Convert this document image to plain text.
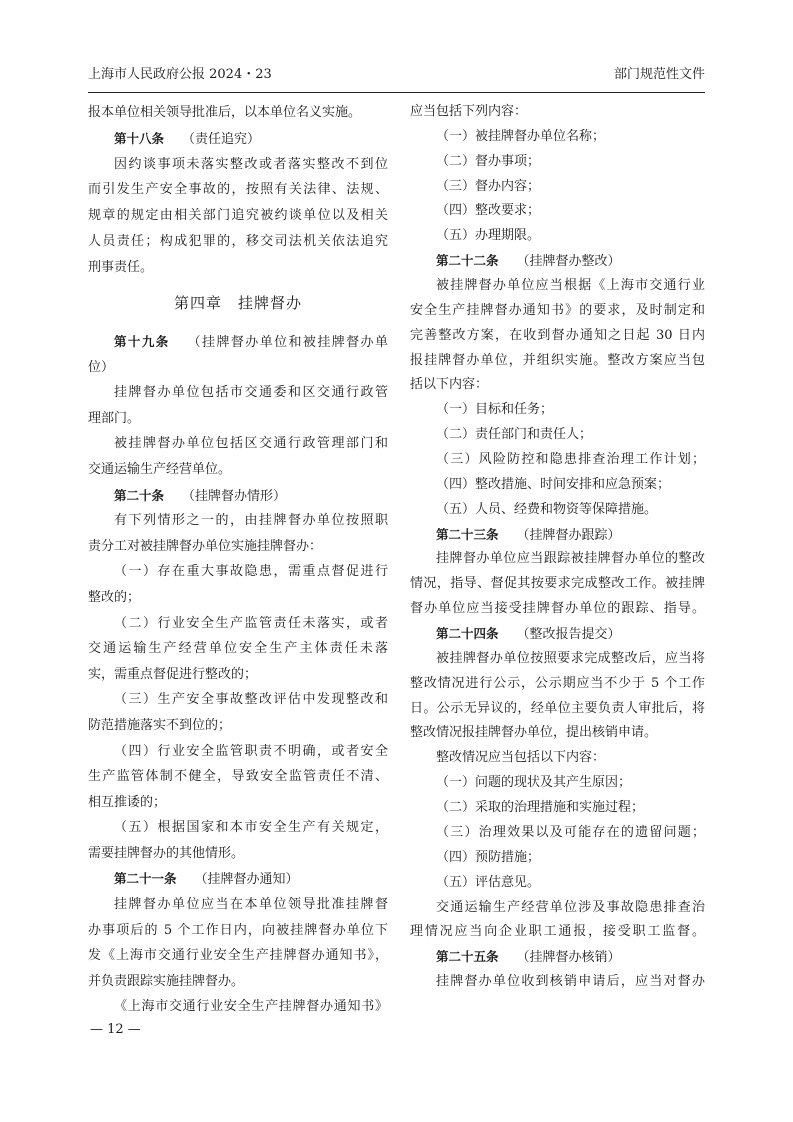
上海市人民政府公报 2024・23	部门规范性文件
报本单位相关领导批准后，以本单位名义实施。
第十八条 （责任追究）
因约谈事项未落实整改或者落实整改不到位
而引发生产安全事故的，按照有关法律、法规、
规章的规定由相关部门追究被约谈单位以及相关
人员责任；构成犯罪的，移交司法机关依法追究
刑事责任。
第四章　挂牌督办
第十九条 （挂牌督办单位和被挂牌督办单
位）
挂牌督办单位包括市交通委和区交通行政管
理部门。
被挂牌督办单位包括区交通行政管理部门和
交通运输生产经营单位。
第二十条 （挂牌督办情形）
有下列情形之一的，由挂牌督办单位按照职
责分工对被挂牌督办单位实施挂牌督办：
（一）存在重大事故隐患，需重点督促进行
整改的；
（二）行业安全生产监管责任未落实，或者
交通运输生产经营单位安全生产主体责任未落
实，需重点督促进行整改的；
（三）生产安全事故整改评估中发现整改和
防范措施落实不到位的；
（四）行业安全监管职责不明确，或者安全
生产监管体制不健全，导致安全监管责任不清、
相互推诿的；
（五）根据国家和本市安全生产有关规定，
需要挂牌督办的其他情形。
第二十一条 （挂牌督办通知）
挂牌督办单位应当在本单位领导批准挂牌督
办事项后的 5 个工作日内，向被挂牌督办单位下
发《上海市交通行业安全生产挂牌督办通知书》，
并负责跟踪实施挂牌督办。
《上海市交通行业安全生产挂牌督办通知书》
应当包括下列内容：
（一）被挂牌督办单位名称；
（二）督办事项；
（三）督办内容；
（四）整改要求；
（五）办理期限。
第二十二条 （挂牌督办整改）
被挂牌督办单位应当根据《上海市交通行业
安全生产挂牌督办通知书》的要求，及时制定和
完善整改方案，在收到督办通知之日起 30 日内
报挂牌督办单位，并组织实施。整改方案应当包
括以下内容：
（一）目标和任务；
（二）责任部门和责任人；
（三）风险防控和隐患排查治理工作计划；
（四）整改措施、时间安排和应急预案；
（五）人员、经费和物资等保障措施。
第二十三条 （挂牌督办跟踪）
挂牌督办单位应当跟踪被挂牌督办单位的整改
情况，指导、督促其按要求完成整改工作。被挂牌
督办单位应当接受挂牌督办单位的跟踪、指导。
第二十四条 （整改报告提交）
被挂牌督办单位按照要求完成整改后，应当将
整改情况进行公示，公示期应当不少于 5 个工作
日。公示无异议的，经单位主要负责人审批后，将
整改情况报挂牌督办单位，提出核销申请。
整改情况应当包括以下内容：
（一）问题的现状及其产生原因；
（二）采取的治理措施和实施过程；
（三）治理效果以及可能存在的遗留问题；
（四）预防措施；
（五）评估意见。
交通运输生产经营单位涉及事故隐患排查治
理情况应当向企业职工通报，接受职工监督。
第二十五条 （挂牌督办核销）
挂牌督办单位收到核销申请后，应当对督办
— 12 —
